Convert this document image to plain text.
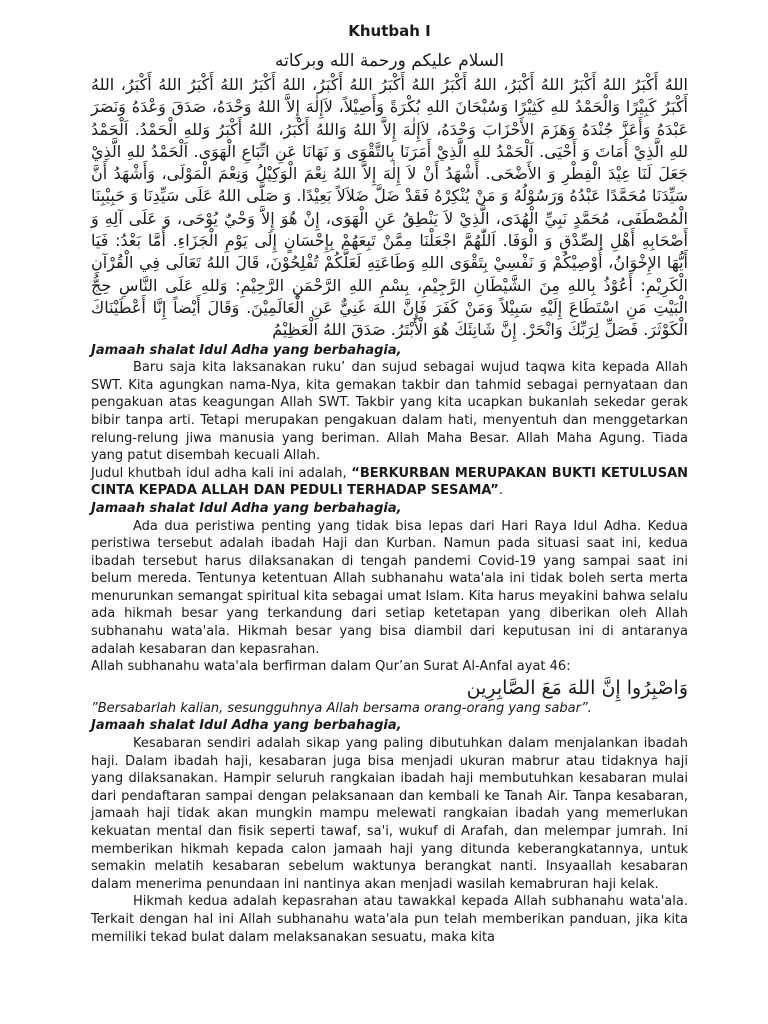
Khutbah I
السلام عليكم ورحمة الله وبركاته

اللهُ أَكْبَرُ اللهُ أَكْبَرُ اللهُ أَكْبَرُ، اللهُ أَكْبَرُ اللهُ أَكْبَرُ اللهُ أَكْبَرُ، اللهُ أَكْبَرُ اللهُ أَكْبَرُ اللهُ أَكْبَرُ، اللهُ أَكْبَرُ كَبِيْرًا وَالْحَمْدُ للهِ كَثِيْرًا وَسُبْحَانَ اللهِ بُكْرَةً وَأَصِيْلاً، لاَإِلٰهَ إِلاَّ اللهُ وَحْدَهُ، صَدَقَ وَعْدَهُ وَنَصَرَ عَبْدَهُ وَأَعَزَّ جُنْدَهُ وَهَزَمَ الأَحْزَابَ وَحْدَهُ، لاَإِلٰهَ إِلاَّ اللهُ وَاللهُ أَكْبَرُ، اللهُ أَكْبَرُ وَللهِ الْحَمْدُ. اَلْحَمْدُ للهِ الَّذِيْ أَمَاتَ وَ أَحْيَى. اَلْحَمْدُ للهِ الَّذِيْ أَمَرَنَا بِالتَّقْوَى وَ نَهَانَا عَنِ اتِّبَاعِ الْهَوَى. اَلْحَمْدُ للهِ الَّذِيْ جَعَلَ لَنَا عِيْدَ الْفِطْرِ وَ الأَضْحَى. أَشْهَدُ أَنْ لاَ إِلٰهَ إِلاَّ اللهُ نِعْمَ الْوَكِيْلُ وَنِعْمَ الْمَوْلَى، وَأَشْهَدُ أَنَّ سَيِّدَنَا مُحَمَّدًا عَبْدُهُ وَرَسُوْلُهُ وَ مَنْ يُنْكِرْهُ فَقَدْ ضَلَّ ضَلاَلاً بَعِيْدًا. وَ صَلَّى اللهُ عَلَى سَيِّدِنَا وَ حَبِيْبِنَا الْمُصْطَفَى، مُحَمَّدٍ نَبِيِّ الْهُدَى، الَّذِيْ لاَ يَنْطِقُ عَنِ الْهَوَى، إِنْ هُوَ إِلاَّ وَحْيٌ يُوْحَى، وَ عَلَى آلِهِ وَ أَصْحَابِهِ أَهْلِ الصِّدْقِ وَ الْوَفَا. اَللّٰهُمَّ اجْعَلْنَا مِمَّنْ تَبِعَهُمْ بِإِحْسَانٍ إِلَى يَوْمِ الْجَزَاءِ. أَمَّا بَعْدُ: فَيَا أَيُّهَا الإِخْوَانُ، أُوْصِيْكُمْ وَ نَفْسِيْ بِتَقْوَى اللهِ وَطَاعَتِهِ لَعَلَّكُمْ تُفْلِحُوْنَ، قَالَ اللهُ تَعَالَى فِي الْقُرْآنِ الْكَرِيْمِ: أَعُوْذُ بِاللهِ مِنَ الشَّيْطَانِ الرَّجِيْمِ، بِسْمِ اللهِ الرَّحْمَنِ الرَّحِيْمِ: وَللهِ عَلَى النَّاسِ حِجُّ الْبَيْتِ مَنِ اسْتَطَاعَ إِلَيْهِ سَبِيْلاً وَمَنْ كَفَرَ فَإِنَّ اللهَ غَنِيٌّ عَنِ الْعَالَمِيْنَ. وَقَالَ أَيْضاً إِنَّا أَعْطَيْنَاكَ الْكَوْثَرَ. فَصَلِّ لِرَبِّكَ وَانْحَرْ. إِنَّ شَانِئَكَ هُوَ الْأَبْتَرُ. صَدَقَ اللهُ الْعَظِيْمُ

Jamaah shalat Idul Adha yang berbahagia,

Baru saja kita laksanakan ruku’ dan sujud sebagai wujud taqwa kita kepada Allah SWT. Kita agungkan nama-Nya, kita gemakan takbir dan tahmid sebagai pernyataan dan pengakuan atas keagungan Allah SWT. Takbir yang kita ucapkan bukanlah sekedar gerak bibir tanpa arti. Tetapi merupakan pengakuan dalam hati, menyentuh dan menggetarkan relung-relung jiwa manusia yang beriman. Allah Maha Besar. Allah Maha Agung. Tiada yang patut disembah kecuali Allah.

Judul khutbah idul adha kali ini adalah, “BERKURBAN MERUPAKAN BUKTI KETULUSAN CINTA KEPADA ALLAH DAN PEDULI TERHADAP SESAMA”.

Jamaah shalat Idul Adha yang berbahagia,

Ada dua peristiwa penting yang tidak bisa lepas dari Hari Raya Idul Adha. Kedua peristiwa tersebut adalah ibadah Haji dan Kurban. Namun pada situasi saat ini, kedua ibadah tersebut harus dilaksanakan di tengah pandemi Covid-19 yang sampai saat ini belum mereda. Tentunya ketentuan Allah subhanahu wata'ala ini tidak boleh serta merta menurunkan semangat spiritual kita sebagai umat Islam. Kita harus meyakini bahwa selalu ada hikmah besar yang terkandung dari setiap ketetapan yang diberikan oleh Allah subhanahu wata'ala. Hikmah besar yang bisa diambil dari keputusan ini di antaranya adalah kesabaran dan kepasrahan.

Allah subhanahu wata'ala berfirman dalam Qur’an Surat Al-Anfal ayat 46:

وَاصْبِرُوا إِنَّ اللهَ مَعَ الصَّابِرِين

”Bersabarlah kalian, sesungguhnya Allah bersama orang-orang yang sabar”.

Jamaah shalat Idul Adha yang berbahagia,

Kesabaran sendiri adalah sikap yang paling dibutuhkan dalam menjalankan ibadah haji. Dalam ibadah haji, kesabaran juga bisa menjadi ukuran mabrur atau tidaknya haji yang dilaksanakan. Hampir seluruh rangkaian ibadah haji membutuhkan kesabaran mulai dari pendaftaran sampai dengan pelaksanaan dan kembali ke Tanah Air. Tanpa kesabaran, jamaah haji tidak akan mungkin mampu melewati rangkaian ibadah yang memerlukan kekuatan mental dan fisik seperti tawaf, sa'i, wukuf di Arafah, dan melempar jumrah. Ini memberikan hikmah kepada calon jamaah haji yang ditunda keberangkatannya, untuk semakin melatih kesabaran sebelum waktunya berangkat nanti. Insyaallah kesabaran dalam menerima penundaan ini nantinya akan menjadi wasilah kemabruran haji kelak.

Hikmah kedua adalah kepasrahan atau tawakkal kepada Allah subhanahu wata'ala. Terkait dengan hal ini Allah subhanahu wata'ala pun telah memberikan panduan, jika kita memiliki tekad bulat dalam melaksanakan sesuatu, maka kita
